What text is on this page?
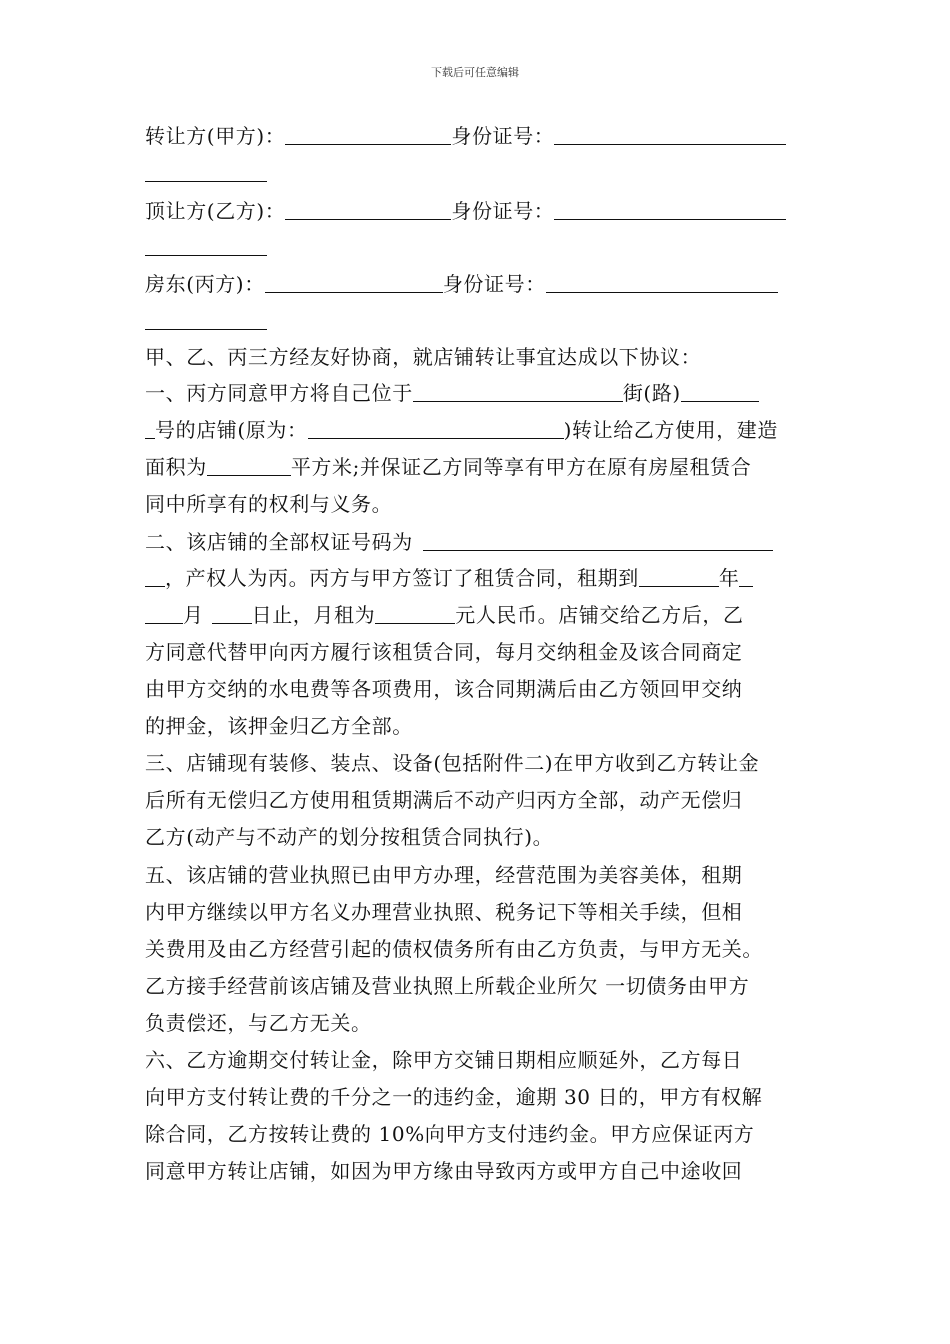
下载后可任意编辑
转让方(甲方)：	身份证号：
顶让方(乙方)：	身份证号：
房东(丙方)：	身份证号：
甲、乙、丙三方经友好协商，就店铺转让事宜达成以下协议：
一、丙方同意甲方将自己位于	街(路)
号的店铺(原为：	)转让给乙方使用，建造
面积为	平方米;并保证乙方同等享有甲方在原有房屋租赁合
同中所享有的权利与义务。
二、该店铺的全部权证号码为
，产权人为丙。丙方与甲方签订了租赁合同，租期到	年
月 日止，月租为	元人民币。店铺交给乙方后，乙
方同意代替甲向丙方履行该租赁合同，每月交纳租金及该合同商定
由甲方交纳的水电费等各项费用，该合同期满后由乙方领回甲交纳
的押金，该押金归乙方全部。
三、店铺现有装修、装点、设备(包括附件二)在甲方收到乙方转让金
后所有无偿归乙方使用租赁期满后不动产归丙方全部，动产无偿归
乙方(动产与不动产的划分按租赁合同执行)。
五、该店铺的营业执照已由甲方办理，经营范围为美容美体，租期
内甲方继续以甲方名义办理营业执照、税务记下等相关手续，但相
关费用及由乙方经营引起的债权债务所有由乙方负责，与甲方无关。
乙方接手经营前该店铺及营业执照上所载企业所欠 一切债务由甲方
负责偿还，与乙方无关。
六、乙方逾期交付转让金，除甲方交铺日期相应顺延外，乙方每日
向甲方支付转让费的千分之一的违约金，逾期 30 日的，甲方有权解
除合同，乙方按转让费的 10%向甲方支付违约金。甲方应保证丙方
同意甲方转让店铺，如因为甲方缘由导致丙方或甲方自己中途收回
